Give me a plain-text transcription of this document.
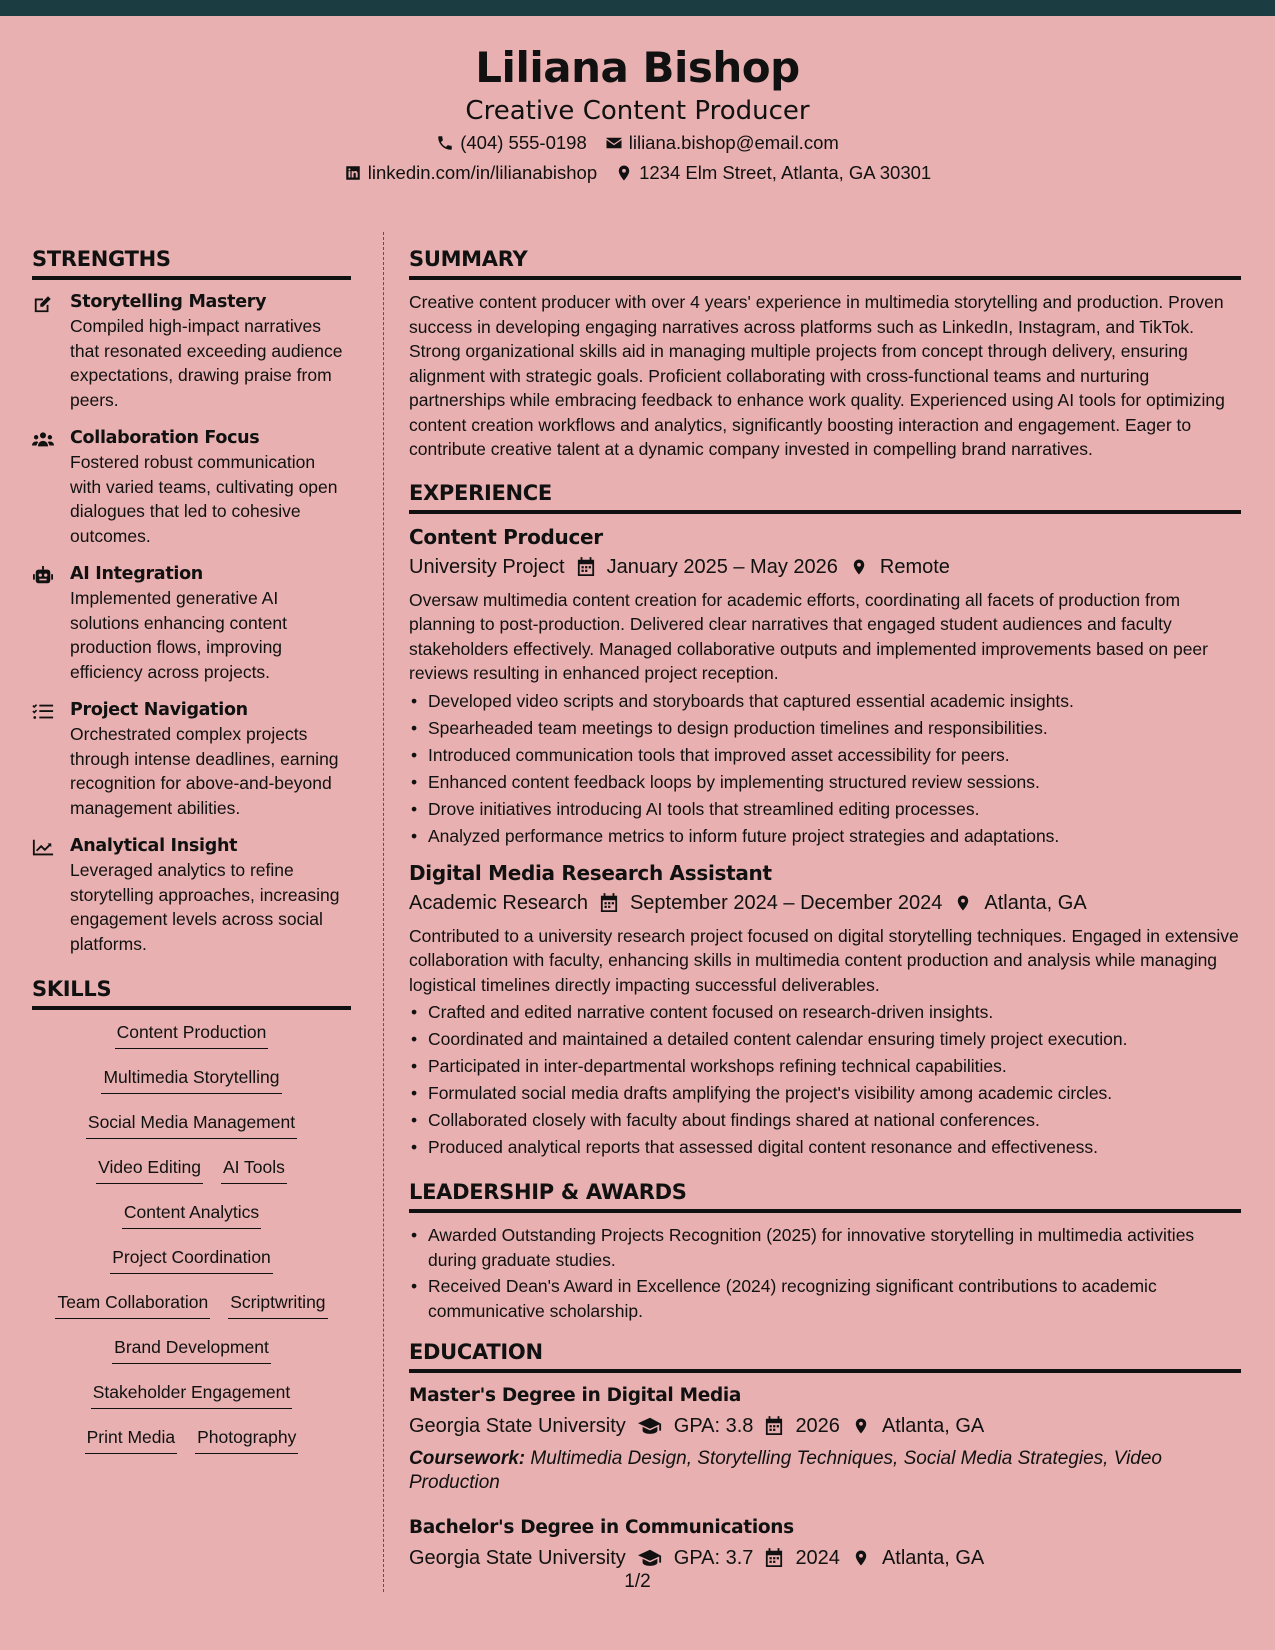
Liliana Bishop
Creative Content Producer
(404) 555-0198 liliana.bishop@email.com
linkedin.com/in/lilianabishop 1234 Elm Street, Atlanta, GA 30301
STRENGTHS
Storytelling Mastery

Compiled high-impact narratives that resonated exceeding audience expectations, drawing praise from peers.

Collaboration Focus

Fostered robust communication with varied teams, cultivating open dialogues that led to cohesive outcomes.

AI Integration

Implemented generative AI solutions enhancing content production flows, improving efficiency across projects.

Project Navigation

Orchestrated complex projects through intense deadlines, earning recognition for above-and-beyond management abilities.

Analytical Insight

Leveraged analytics to refine storytelling approaches, increasing engagement levels across social platforms.

SKILLS
Content Production
Multimedia Storytelling
Social Media Management
Video Editing AI Tools
Content Analytics
Project Coordination
Team Collaboration Scriptwriting
Brand Development
Stakeholder Engagement
Print Media Photography
SUMMARY

Creative content producer with over 4 years' experience in multimedia storytelling and production. Proven success in developing engaging narratives across platforms such as LinkedIn, Instagram, and TikTok. Strong organizational skills aid in managing multiple projects from concept through delivery, ensuring alignment with strategic goals. Proficient collaborating with cross-functional teams and nurturing partnerships while embracing feedback to enhance work quality. Experienced using AI tools for optimizing content creation workflows and analytics, significantly boosting interaction and engagement. Eager to contribute creative talent at a dynamic company invested in compelling brand narratives.

EXPERIENCE
Content Producer
University Project January 2025 – May 2026 Remote

Oversaw multimedia content creation for academic efforts, coordinating all facets of production from planning to post-production. Delivered clear narratives that engaged student audiences and faculty stakeholders effectively. Managed collaborative outputs and implemented improvements based on peer reviews resulting in enhanced project reception.

• Developed video scripts and storyboards that captured essential academic insights.
• Spearheaded team meetings to design production timelines and responsibilities.
• Introduced communication tools that improved asset accessibility for peers.
• Enhanced content feedback loops by implementing structured review sessions.
• Drove initiatives introducing AI tools that streamlined editing processes.
• Analyzed performance metrics to inform future project strategies and adaptations.
Digital Media Research Assistant
Academic Research September 2024 – December 2024 Atlanta, GA

Contributed to a university research project focused on digital storytelling techniques. Engaged in extensive collaboration with faculty, enhancing skills in multimedia content production and analysis while managing logistical timelines directly impacting successful deliverables.

• Crafted and edited narrative content focused on research-driven insights.
• Coordinated and maintained a detailed content calendar ensuring timely project execution.
• Participated in inter-departmental workshops refining technical capabilities.
• Formulated social media drafts amplifying the project's visibility among academic circles.
• Collaborated closely with faculty about findings shared at national conferences.
• Produced analytical reports that assessed digital content resonance and effectiveness.
LEADERSHIP & AWARDS
• Awarded Outstanding Projects Recognition (2025) for innovative storytelling in multimedia activities during graduate studies.
• Received Dean's Award in Excellence (2024) recognizing significant contributions to academic communicative scholarship.
EDUCATION
Master's Degree in Digital Media
Georgia State University GPA: 3.8 2026 Atlanta, GA

Coursework: Multimedia Design, Storytelling Techniques, Social Media Strategies, Video Production

Bachelor's Degree in Communications
Georgia State University GPA: 3.7 2024 Atlanta, GA
1/2
